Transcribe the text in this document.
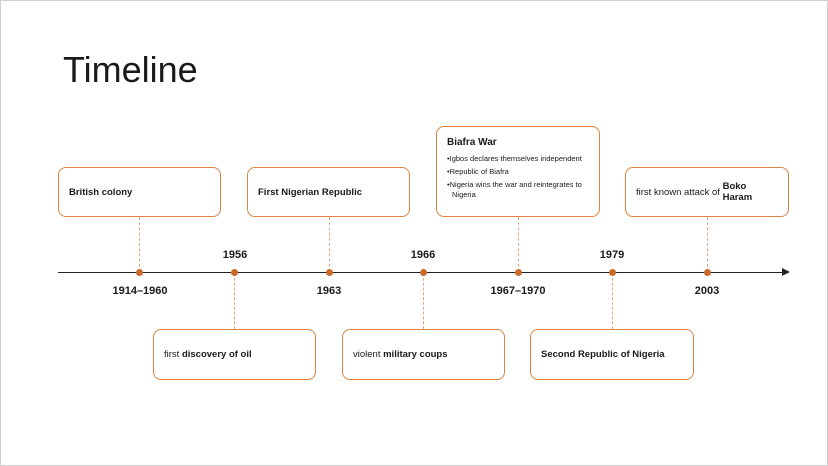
Timeline
1914–1960
1956
1963
1966
1967–1970
1979
2003
British colony	First Nigerian Republic
Biafra War
•Igbos declares themselves independent
•Republic of Biafra
•Nigeria wins the war and reintegrates to Nigeria	first known attack of Boko Haram
first discovery of oil	violent military coups	Second Republic of Nigeria
